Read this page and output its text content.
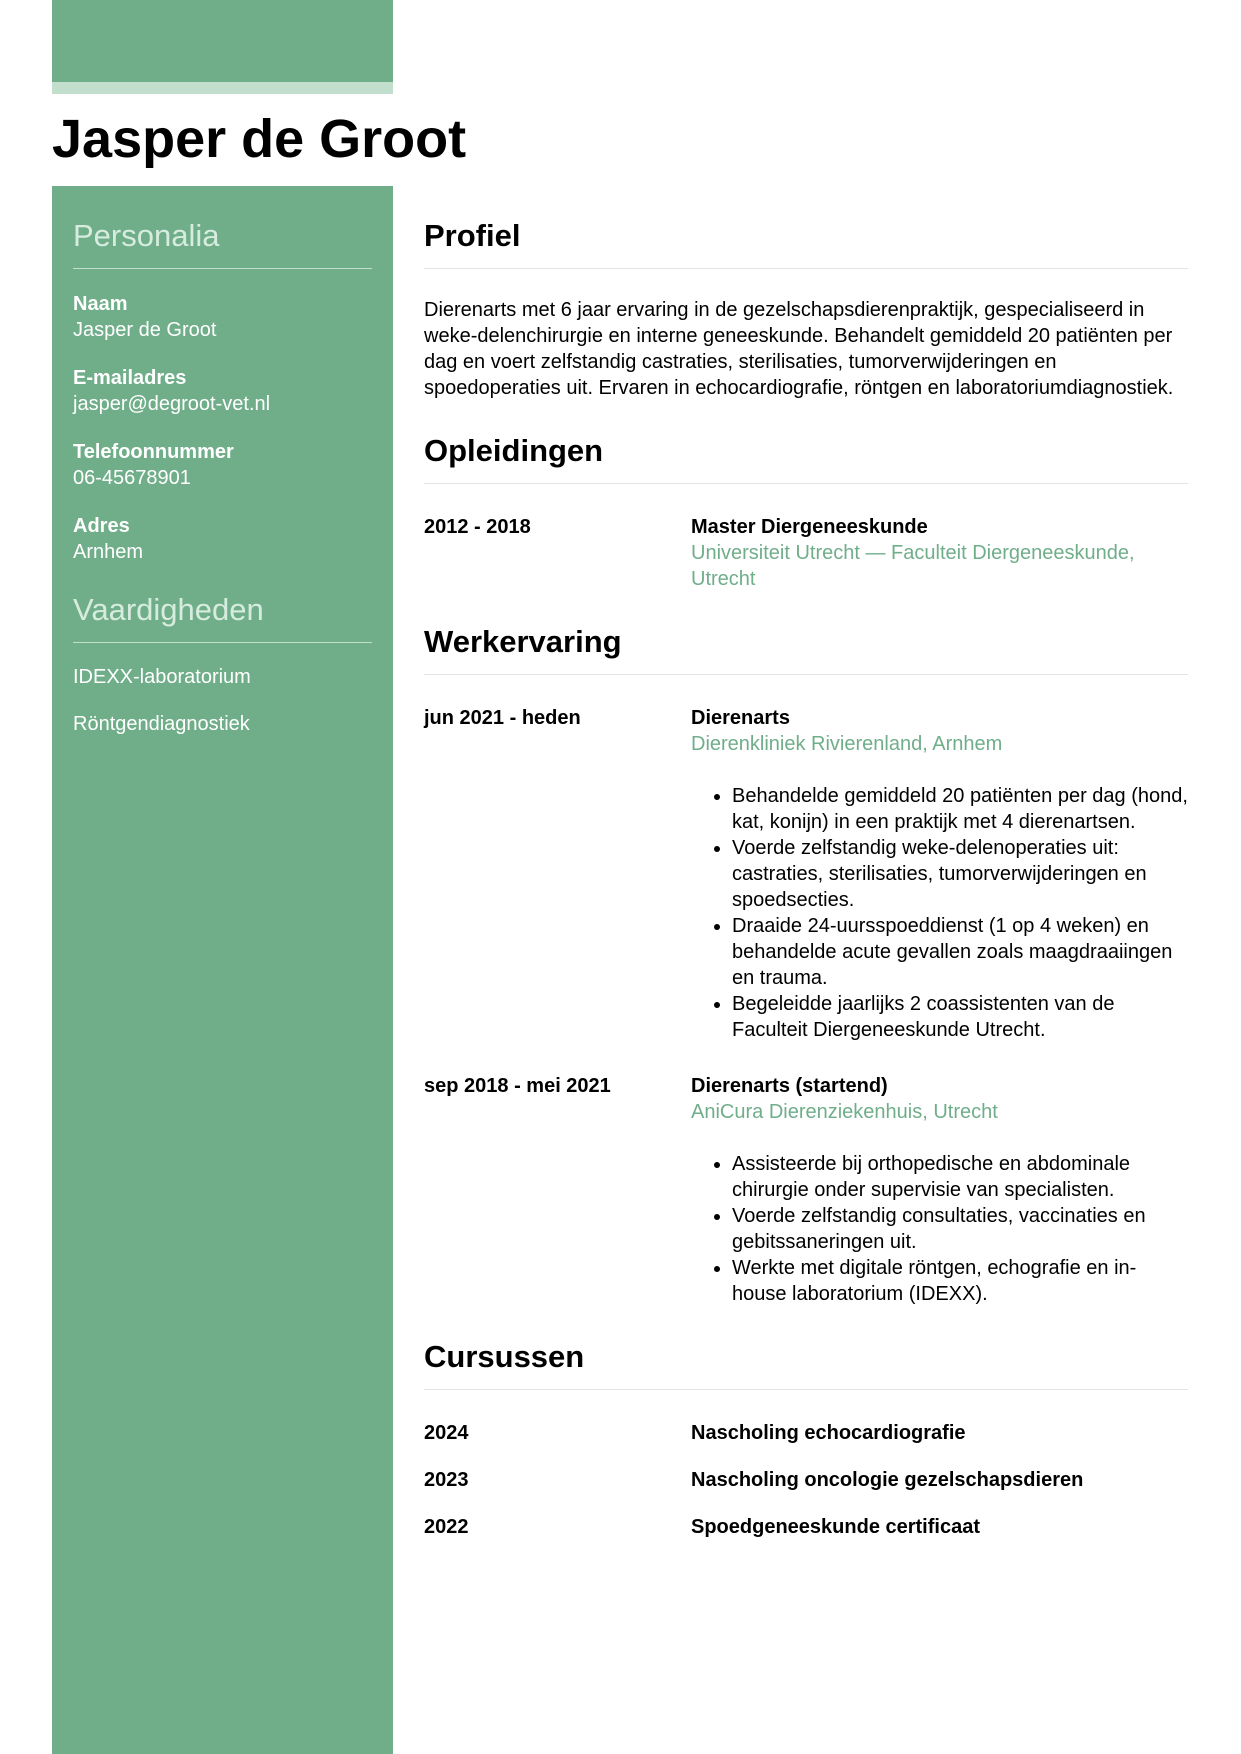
Jasper de Groot
Personalia
Naam
Jasper de Groot
E-mailadres
jasper@degroot-vet.nl
Telefoonnummer
06-45678901
Adres
Arnhem
Vaardigheden
IDEXX-laboratorium
Röntgendiagnostiek
Profiel

Dierenarts met 6 jaar ervaring in de gezelschapsdierenpraktijk, gespecialiseerd in weke-delenchirurgie en interne geneeskunde. Behandelt gemiddeld 20 patiënten per dag en voert zelfstandig castraties, sterilisaties, tumorverwijderingen en spoedoperaties uit. Ervaren in echocardiografie, röntgen en laboratoriumdiagnostiek.

Opleidingen
2012 - 2018	Master Diergeneeskunde
Universiteit Utrecht — Faculteit Diergeneeskunde, Utrecht
Werkervaring
jun 2021 - heden	Dierenarts
Dierenkliniek Rivierenland, Arnhem
• Behandelde gemiddeld 20 patiënten per dag (hond, kat, konijn) in een praktijk met 4 dierenartsen.
• Voerde zelfstandig weke-delenoperaties uit: castraties, sterilisaties, tumorverwijderingen en spoedsecties.
• Draaide 24-uursspoeddienst (1 op 4 weken) en behandelde acute gevallen zoals maagdraaiingen en trauma.
• Begeleidde jaarlijks 2 coassistenten van de Faculteit Diergeneeskunde Utrecht.
sep 2018 - mei 2021	Dierenarts (startend)
AniCura Dierenziekenhuis, Utrecht
• Assisteerde bij orthopedische en abdominale chirurgie onder supervisie van specialisten.
• Voerde zelfstandig consultaties, vaccinaties en gebitssaneringen uit.
• Werkte met digitale röntgen, echografie en in-house laboratorium (IDEXX).
Cursussen
2024	Nascholing echocardiografie
2023	Nascholing oncologie gezelschapsdieren
2022	Spoedgeneeskunde certificaat
